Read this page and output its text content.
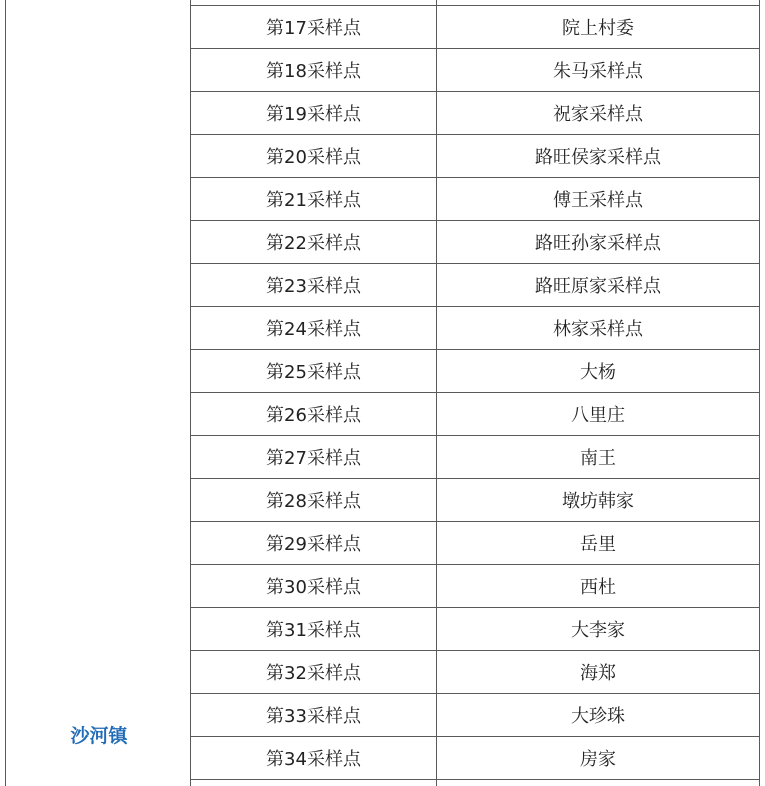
沙河镇
第17采样点	院上村委
第18采样点	朱马采样点
第19采样点	祝家采样点
第20采样点	路旺侯家采样点
第21采样点	傅王采样点
第22采样点	路旺孙家采样点
第23采样点	路旺原家采样点
第24采样点	林家采样点
第25采样点	大杨
第26采样点	八里庄
第27采样点	南王
第28采样点	墩坊韩家
第29采样点	岳里
第30采样点	西杜
第31采样点	大李家
第32采样点	海郑
第33采样点	大珍珠
第34采样点	房家
